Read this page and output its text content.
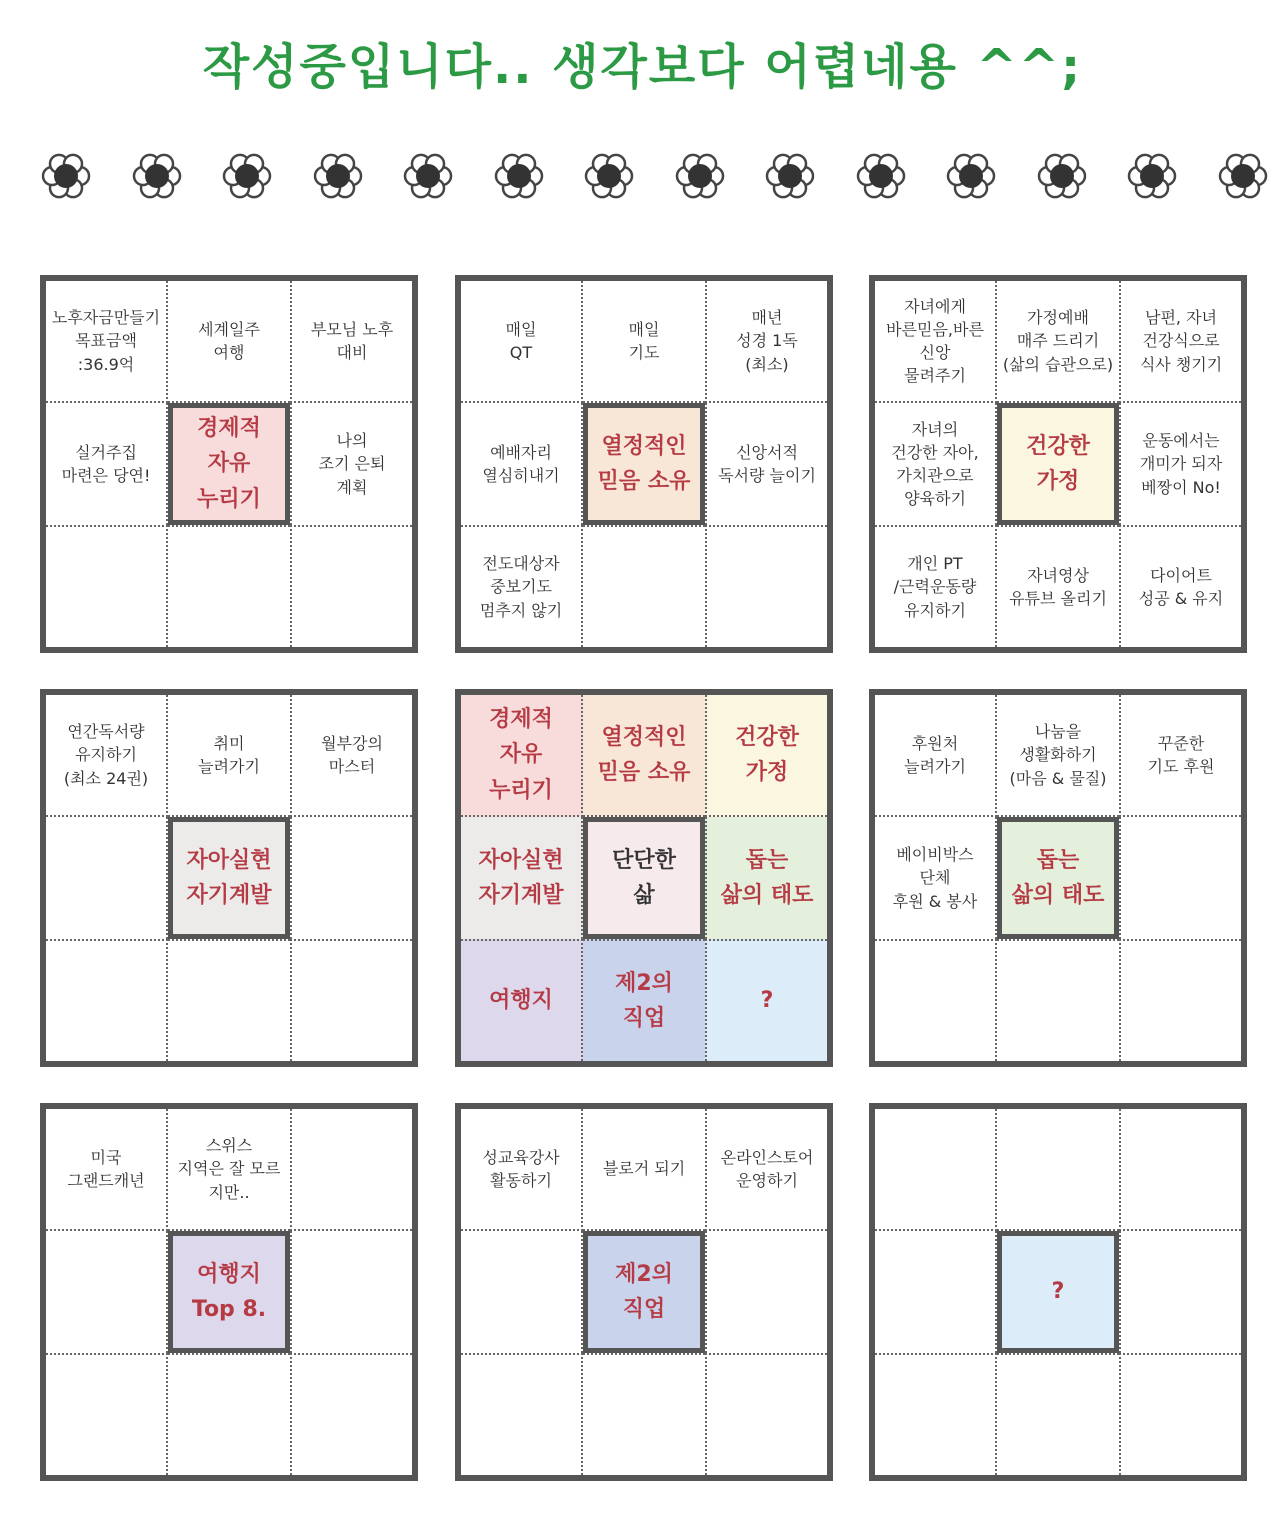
작성중입니다.. 생각보다 어렵네용 ^^;
노후자금만들기
목표금액
:36.9억
세계일주
여행
부모님 노후
대비
실거주집
마련은 당연!
경제적
자유
누리기
나의
조기 은퇴
계획
매일
QT
매일
기도
매년
성경 1독
(최소)
예배자리
열심히내기
열정적인
믿음 소유
신앙서적
독서량 늘이기
전도대상자
중보기도
멈추지 않기
자녀에게
바른믿음,바른신앙
물려주기
가정예배
매주 드리기
(삶의 습관으로)
남편, 자녀
건강식으로
식사 챙기기
자녀의
건강한 자아,
가치관으로
양육하기
건강한
가정
운동에서는
개미가 되자
베짱이 No!
개인 PT
/근력운동량
유지하기
자녀영상
유튜브 올리기
다이어트
성공 & 유지
연간독서량
유지하기
(최소 24권)
취미
늘려가기
월부강의
마스터
자아실현
자기계발
경제적
자유
누리기
열정적인
믿음 소유
건강한
가정
자아실현
자기계발
단단한
삶
돕는
삶의 태도
여행지
제2의
직업
?
후원처
늘려가기
나눔을
생활화하기
(마음 & 물질)
꾸준한
기도 후원
베이비박스
단체
후원 & 봉사
돕는
삶의 태도
미국
그랜드캐년
스위스
지역은 잘 모르지만..
여행지
Top 8.
성교육강사
활동하기
블로거 되기
온라인스토어
운영하기
제2의
직업
?
